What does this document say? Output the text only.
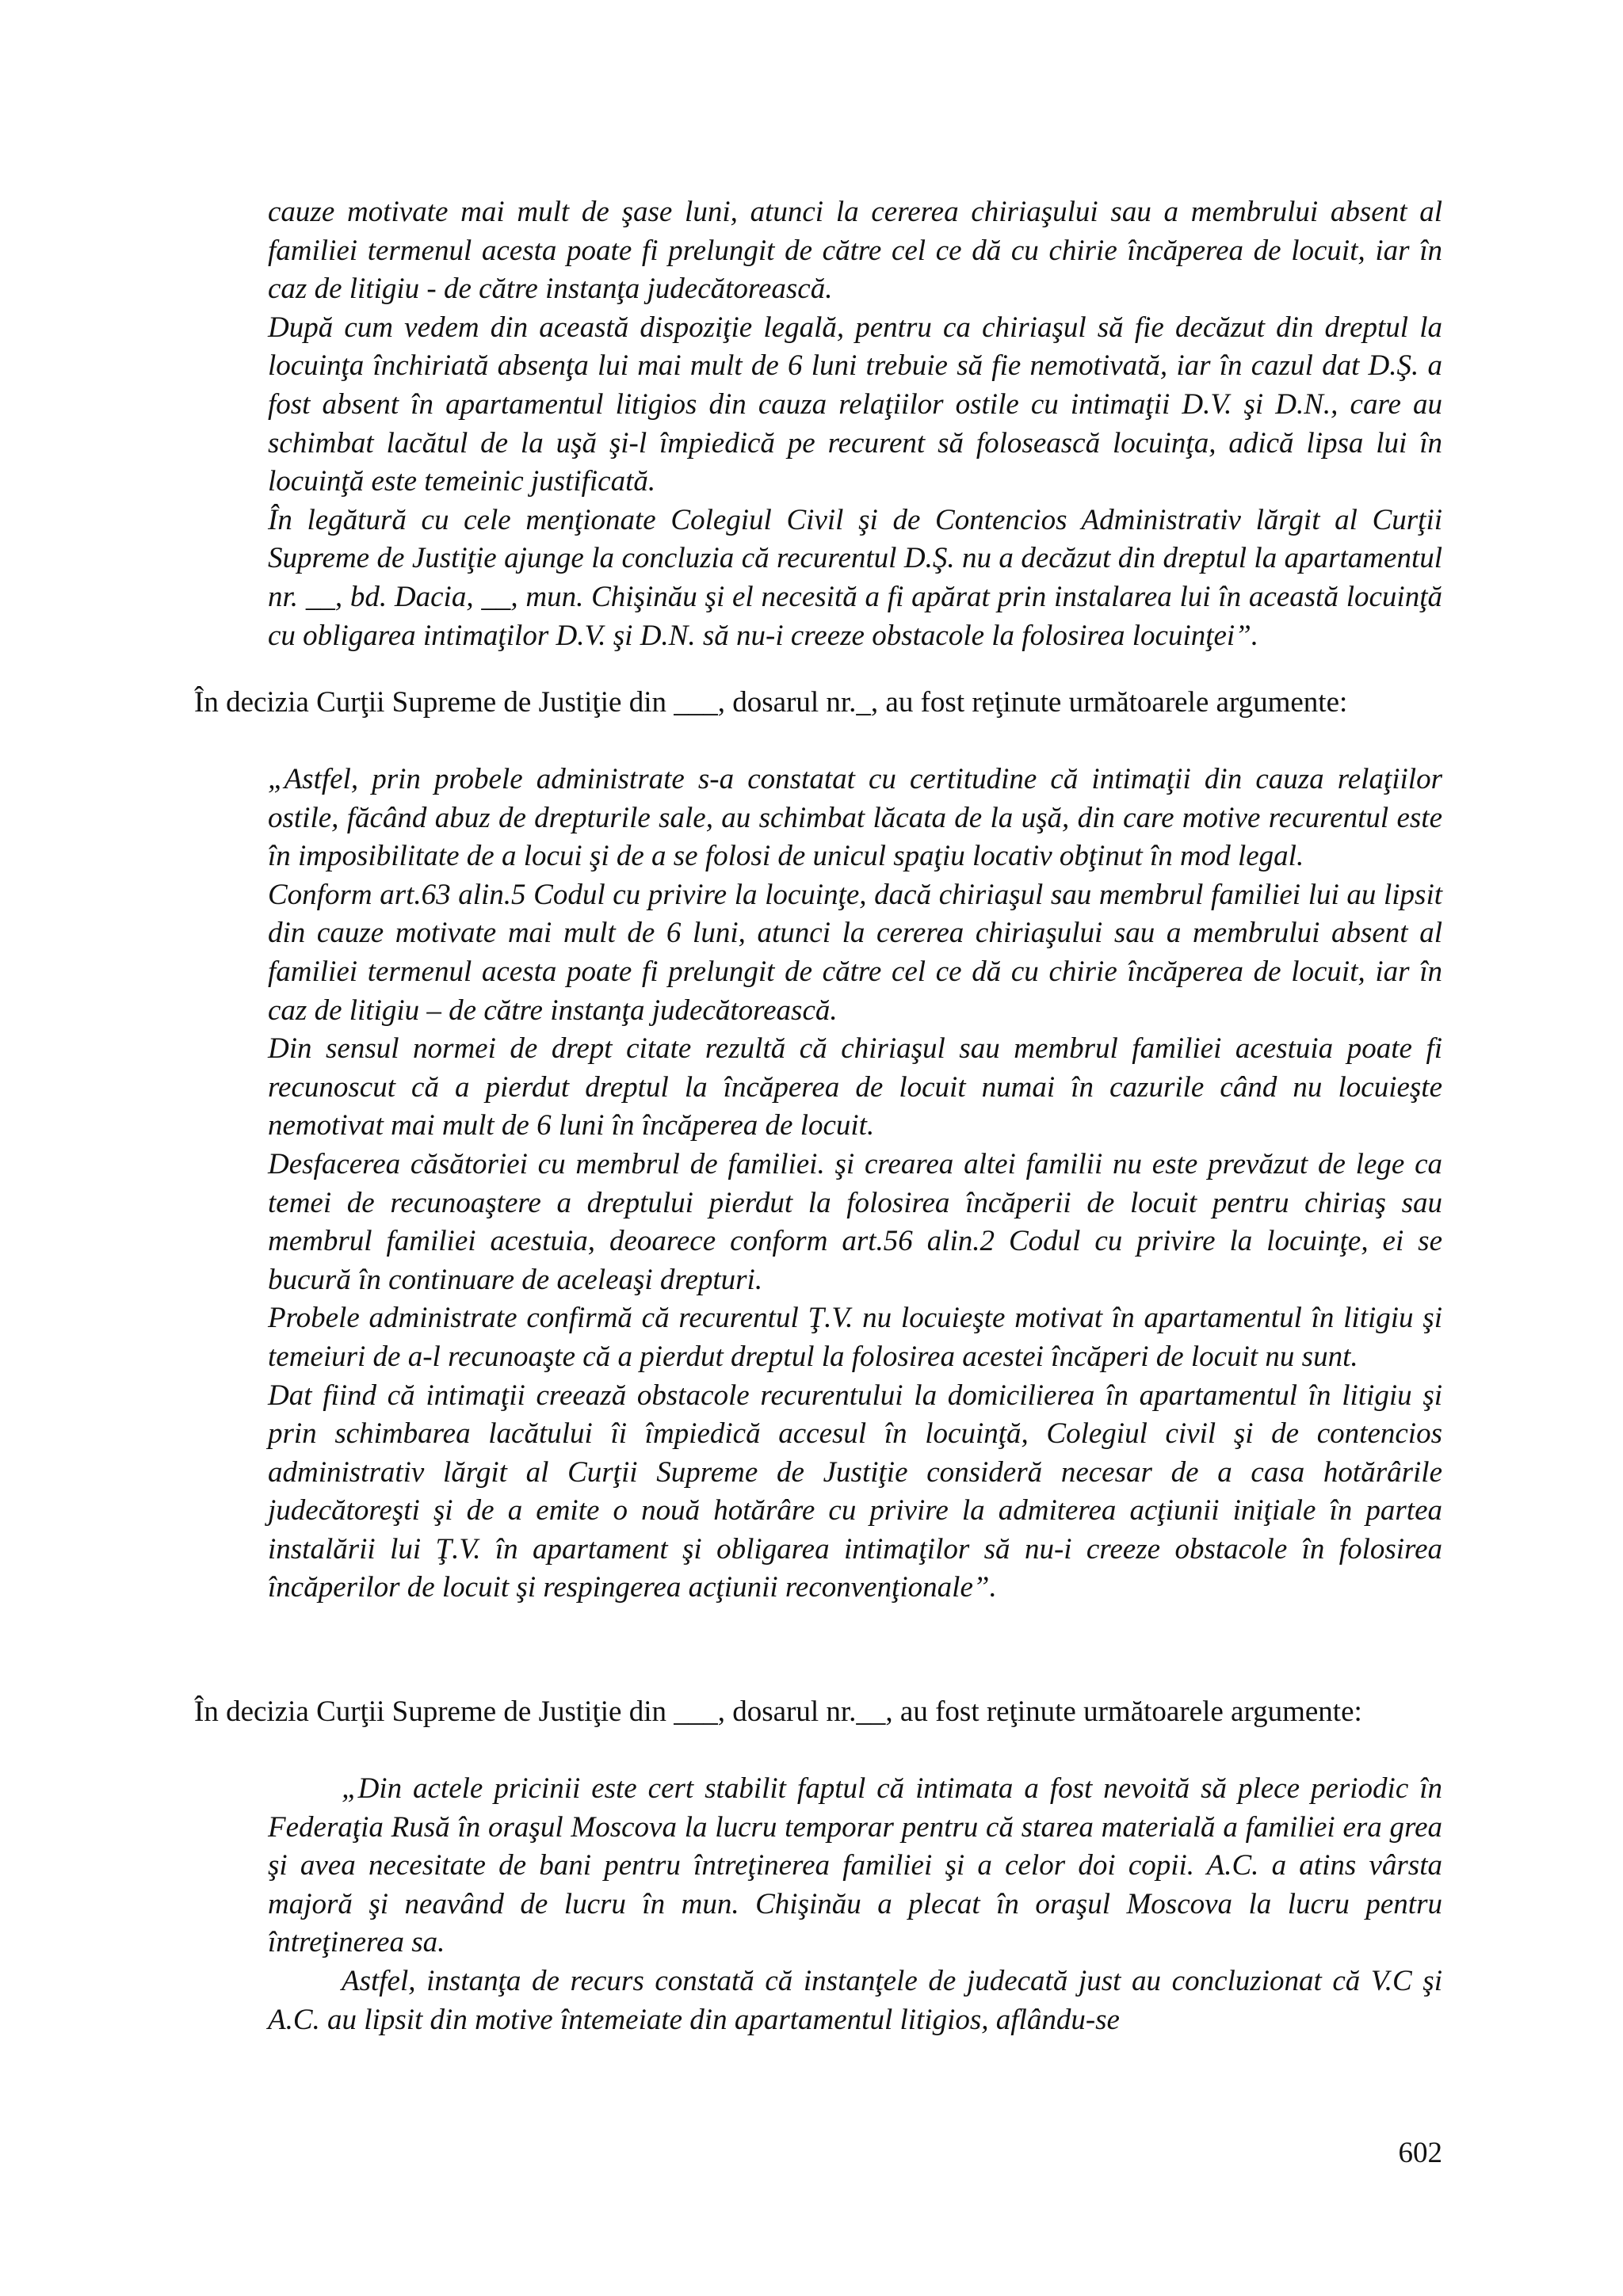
cauze motivate mai mult de şase luni, atunci la cererea chiriaşului sau a membrului absent al familiei termenul acesta poate fi prelungit de către cel ce dă cu chirie încăperea de locuit, iar în caz de litigiu - de către instanţa judecătorească.

După cum vedem din această dispoziţie legală, pentru ca chiriaşul să fie decăzut din dreptul la locuinţa închiriată absenţa lui mai mult de 6 luni trebuie să fie nemotivată, iar în cazul dat D.Ş. a fost absent în apartamentul litigios din cauza relaţiilor ostile cu intimaţii D.V. şi D.N., care au schimbat lacătul de la uşă şi-l împiedică pe recurent să folosească locuinţa, adică lipsa lui în locuinţă este temeinic justificată.

În legătură cu cele menţionate Colegiul Civil şi de Contencios Administrativ lărgit al Curţii Supreme de Justiţie ajunge la concluzia că recurentul D.Ş. nu a decăzut din dreptul la apartamentul nr. __, bd. Dacia, __, mun. Chişinău şi el necesită a fi apărat prin instalarea lui în această locuinţă cu obligarea intimaţilor D.V. şi D.N. să nu-i creeze obstacole la folosirea locuinţei”.

În decizia Curţii Supreme de Justiţie din ___, dosarul nr._, au fost reţinute următoarele argumente:

„Astfel, prin probele administrate s-a constatat cu certitudine că intimaţii din cauza relaţiilor ostile, făcând abuz de drepturile sale, au schimbat lăcata de la uşă, din care motive recurentul este în imposibilitate de a locui şi de a se folosi de unicul spaţiu locativ obţinut în mod legal.

Conform art.63 alin.5 Codul cu privire la locuinţe, dacă chiriaşul sau membrul familiei lui au lipsit din cauze motivate mai mult de 6 luni, atunci la cererea chiriaşului sau a membrului absent al familiei termenul acesta poate fi prelungit de către cel ce dă cu chirie încăperea de locuit, iar în caz de litigiu – de către instanţa judecătorească.

Din sensul normei de drept citate rezultă că chiriaşul sau membrul familiei acestuia poate fi recunoscut că a pierdut dreptul la încăperea de locuit numai în cazurile când nu locuieşte nemotivat mai mult de 6 luni în încăperea de locuit.

Desfacerea căsătoriei cu membrul de familiei. şi crearea altei familii nu este prevăzut de lege ca temei de recunoaştere a dreptului pierdut la folosirea încăperii de locuit pentru chiriaş sau membrul familiei acestuia, deoarece conform art.56 alin.2 Codul cu privire la locuinţe, ei se bucură în continuare de aceleaşi drepturi.

Probele administrate confirmă că recurentul Ţ.V. nu locuieşte motivat în apartamentul în litigiu şi temeiuri de a-l recunoaşte că a pierdut dreptul la folosirea acestei încăperi de locuit nu sunt.

Dat fiind că intimaţii creează obstacole recurentului la domicilierea în apartamentul în litigiu şi prin schimbarea lacătului îi împiedică accesul în locuinţă, Colegiul civil şi de contencios administrativ lărgit al Curţii Supreme de Justiţie consideră necesar de a casa hotărârile judecătoreşti şi de a emite o nouă hotărâre cu privire la admiterea acţiunii iniţiale în partea instalării lui Ţ.V. în apartament şi obligarea intimaţilor să nu-i creeze obstacole în folosirea încăperilor de locuit şi respingerea acţiunii reconvenţionale”.

În decizia Curţii Supreme de Justiţie din ___, dosarul nr.__, au fost reţinute următoarele argumente:

„Din actele pricinii este cert stabilit faptul că intimata a fost nevoită să plece periodic în Federaţia Rusă în oraşul Moscova la lucru temporar pentru că starea materială a familiei era grea şi avea necesitate de bani pentru întreţinerea familiei şi a celor doi copii. A.C. a atins vârsta majoră şi neavând de lucru în mun. Chişinău a plecat în oraşul Moscova la lucru pentru întreţinerea sa.

Astfel, instanţa de recurs constată că instanţele de judecată just au concluzionat că V.C şi A.C. au lipsit din motive întemeiate din apartamentul litigios, aflându-se

602
